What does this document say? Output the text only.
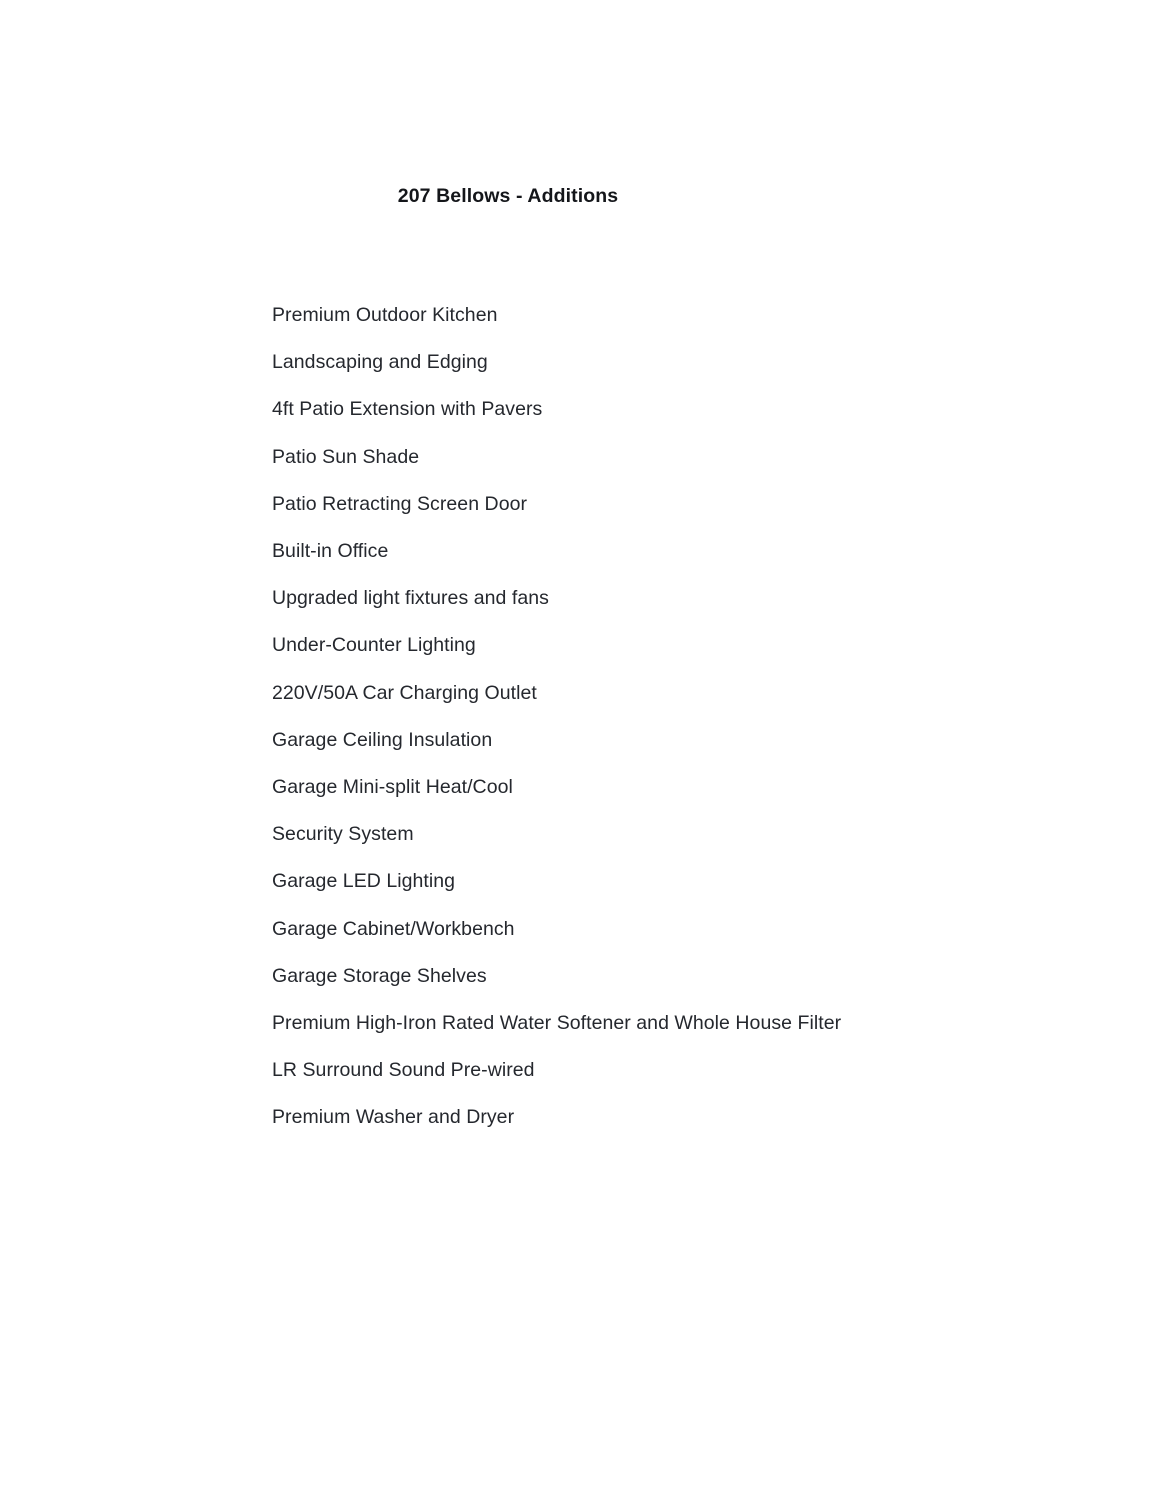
207 Bellows - Additions
Premium Outdoor Kitchen
Landscaping and Edging
4ft Patio Extension with Pavers
Patio Sun Shade
Patio Retracting Screen Door
Built-in Office
Upgraded light fixtures and fans
Under-Counter Lighting
220V/50A Car Charging Outlet
Garage Ceiling Insulation
Garage Mini-split Heat/Cool
Security System
Garage LED Lighting
Garage Cabinet/Workbench
Garage Storage Shelves
Premium High-Iron Rated Water Softener and Whole House Filter
LR Surround Sound Pre-wired
Premium Washer and Dryer
